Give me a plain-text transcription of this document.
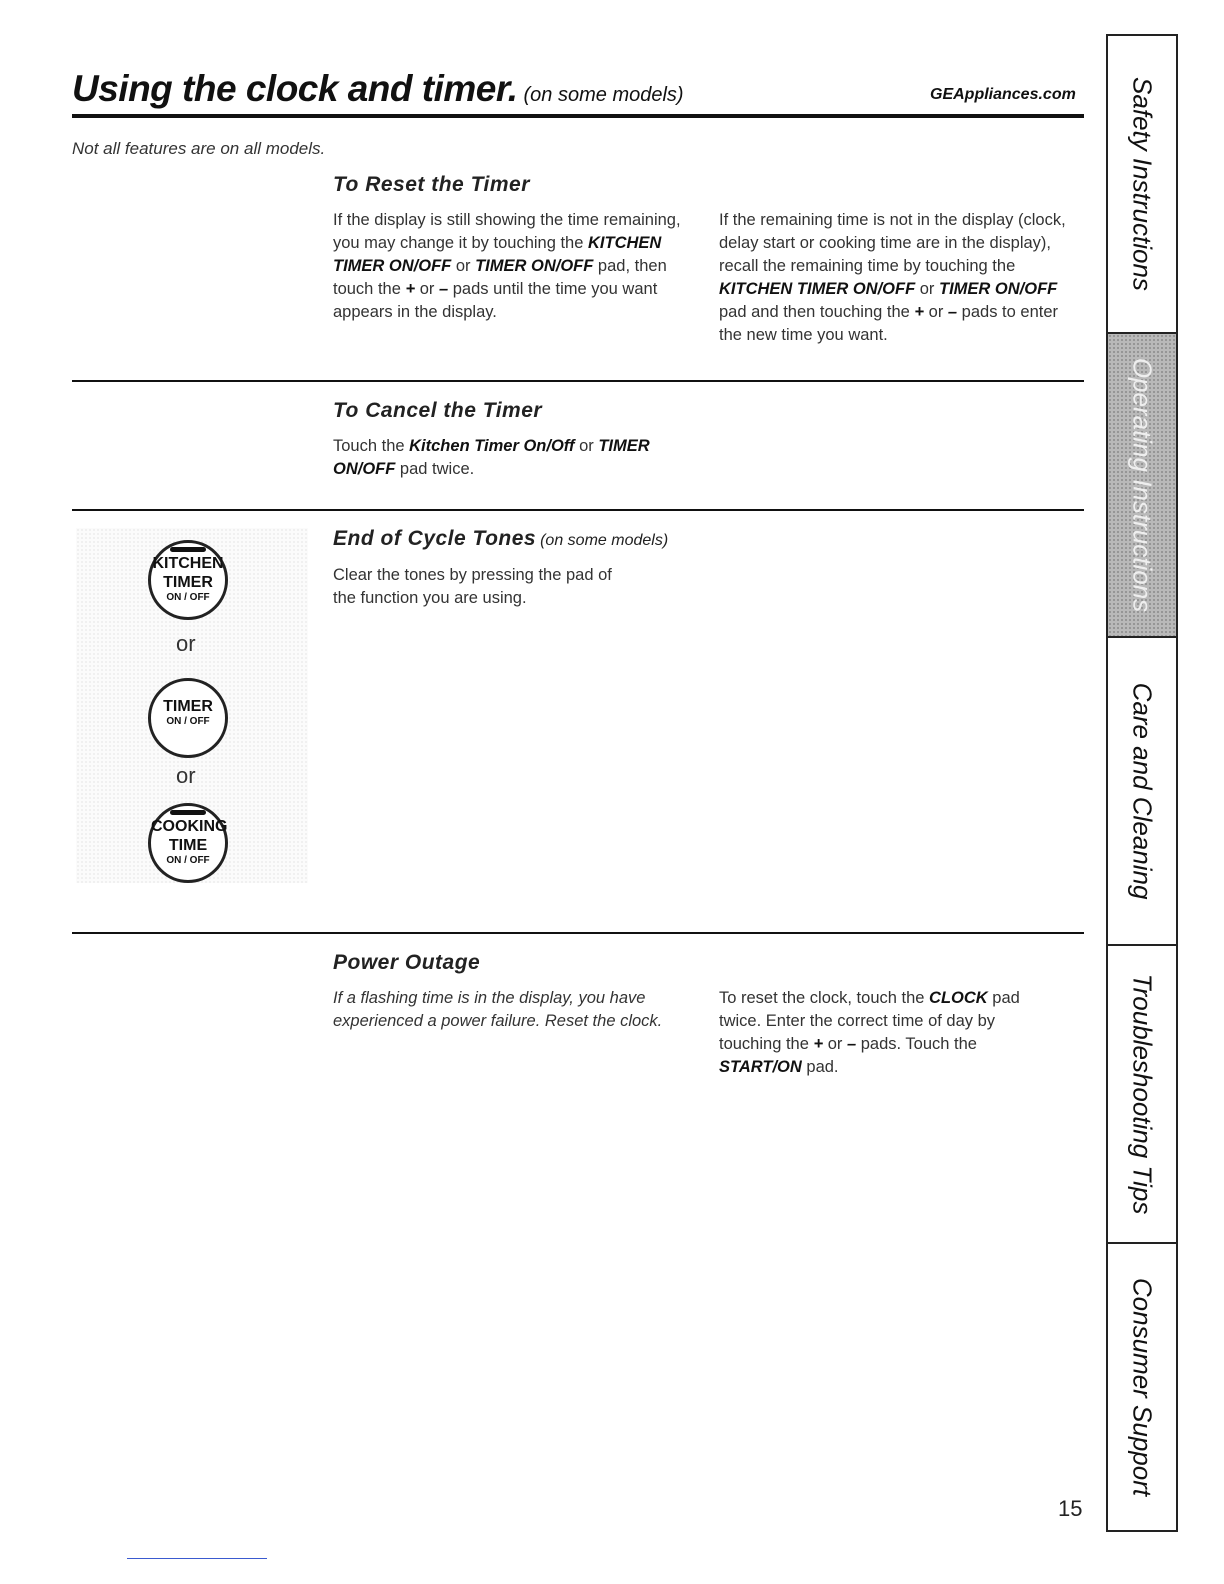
Using the clock and timer. (on some models)	GEAppliances.com
Not all features are on all models.
To Reset the Timer
If the display is still showing the time remaining, you may change it by touching the KITCHEN TIMER ON/OFF or TIMER ON/OFF pad, then touch the + or – pads until the time you want appears in the display.
If the remaining time is not in the display (clock, delay start or cooking time are in the display), recall the remaining time by touching the KITCHEN TIMER ON/OFF or TIMER ON/OFF pad and then touching the + or – pads to enter the new time you want.
To Cancel the Timer
Touch the Kitchen Timer On/Off or TIMER ON/OFF pad twice.
End of Cycle Tones (on some models)
Clear the tones by pressing the pad of the function you are using.
KITCHEN
TIMER
ON / OFF
or
TIMER
ON / OFF
or
COOKING
TIME
ON / OFF
Power Outage
If a flashing time is in the display, you have experienced a power failure. Reset the clock.
To reset the clock, touch the CLOCK pad twice. Enter the correct time of day by touching the + or – pads. Touch the START/ON pad.
Safety Instructions
Operating Instructions
Care and Cleaning
Troubleshooting Tips
Consumer Support
15
